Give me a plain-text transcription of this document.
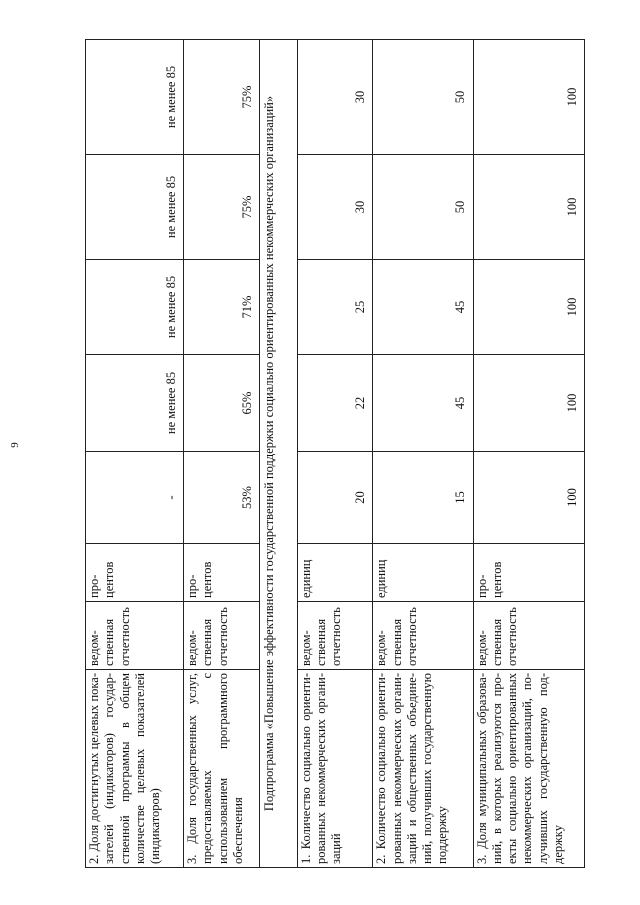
9
2. Доля достигнутых целевых показателей (индикаторов) государственной программы в общем количестве целевых показателей (индикаторов)	ведомственная отчетность	процентов	-	не менее 85	не менее 85	не менее 85	не менее 85
3. Доля государственных услуг, предоставляемых с использованием программного обеспечения	ведомственная отчетность	процентов	53%	65%	71%	75%	75%
Подпрограмма «Повышение эффективности государственной поддержки социально ориентированных некоммерческих организаций»							
1. Количество социально ориентированных некоммерческих организаций	ведомственная отчетность	единиц	20	22	25	30	30
2. Количество социально ориентированных некоммерческих организаций и общественных объединений, получивших государственную поддержку	ведомственная отчетность	единиц	15	45	45	50	50
3. Доля муниципальных образований, в которых реализуются проекты социально ориентированных некоммерческих организаций, получивших государственную поддержку	ведомственная отчетность	процентов	100	100	100	100	100
